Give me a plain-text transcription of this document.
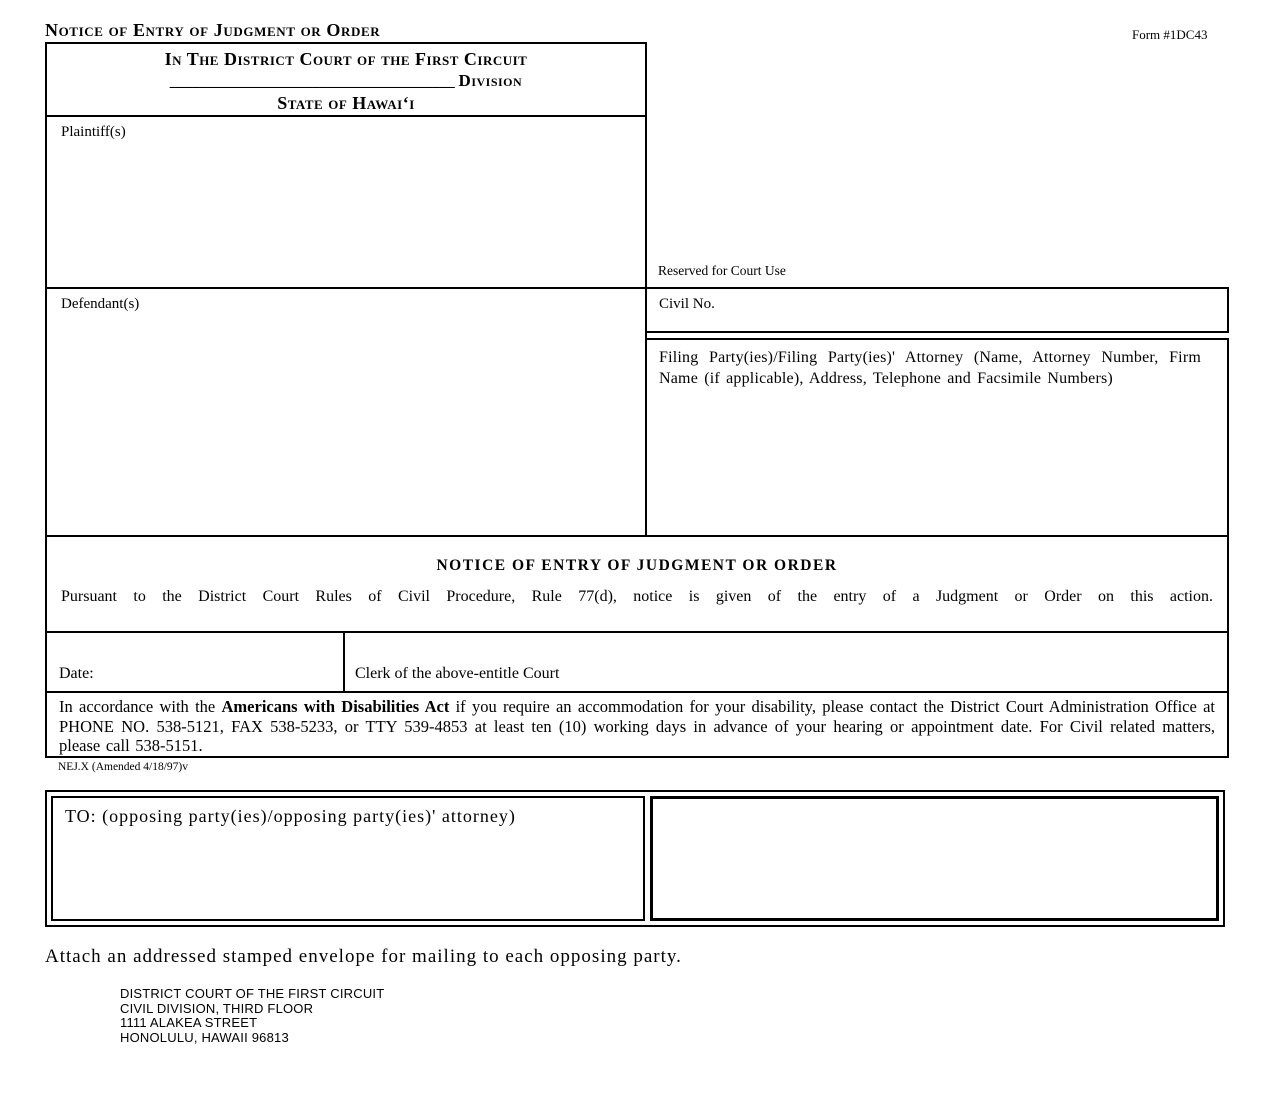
Notice of Entry of Judgment or Order	Form #1DC43
In The District Court of the First Circuit
______________________________________ Division
State of Hawai‘i
Plaintiff(s)
Reserved for Court Use
Defendant(s)	Civil No.
Filing Party(ies)/Filing Party(ies)' Attorney (Name, Attorney Number, Firm Name (if applicable), Address, Telephone and Facsimile Numbers)
NOTICE OF ENTRY OF JUDGMENT OR ORDER
Pursuant to the District Court Rules of Civil Procedure, Rule 77(d), notice is given of the entry of a Judgment or Order on this action.
Date:	Clerk of the above-entitle Court
In accordance with the Americans with Disabilities Act if you require an accommodation for your disability, please contact the District Court Administration Office at PHONE NO. 538-5121, FAX 538-5233, or TTY 539-4853 at least ten (10) working days in advance of your hearing or appointment date. For Civil related matters, please call 538-5151.
NEJ.X (Amended 4/18/97)v
TO: (opposing party(ies)/opposing party(ies)' attorney)
Attach an addressed stamped envelope for mailing to each opposing party.
DISTRICT COURT OF THE FIRST CIRCUIT
CIVIL DIVISION, THIRD FLOOR
1111 ALAKEA STREET
HONOLULU, HAWAII 96813
